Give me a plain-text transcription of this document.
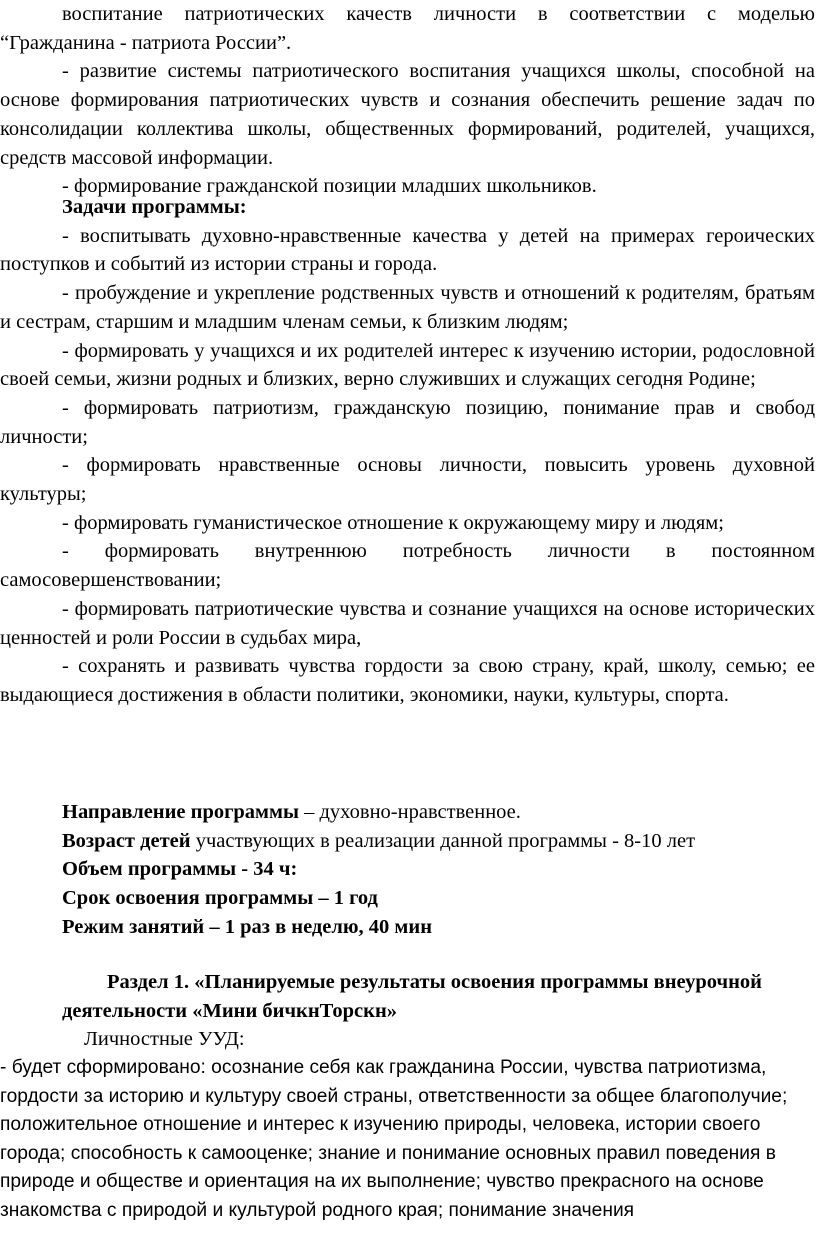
воспитание патриотических качеств личности в соответствии с моделью “Гражданина - патриота России”.

- развитие системы патриотического воспитания учащихся школы, способной на основе формирования патриотических чувств и сознания обеспечить решение задач по консолидации коллектива школы, общественных формирований, родителей, учащихся, средств массовой информации.

- формирование гражданской позиции младших школьников.

Задачи программы:

- воспитывать духовно-нравственные качества у детей на примерах героических поступков и событий из истории страны и города.

- пробуждение и укрепление родственных чувств и отношений к родителям, братьям и сестрам, старшим и младшим членам семьи, к близким людям;

- формировать у учащихся и их родителей интерес к изучению истории, родословной своей семьи, жизни родных и близких, верно служивших и служащих сегодня Родине;

- формировать патриотизм, гражданскую позицию, понимание прав и свобод личности;

- формировать нравственные основы личности, повысить уровень духовной культуры;

- формировать гуманистическое отношение к окружающему миру и людям;

- формировать внутреннюю потребность личности в постоянном самосовершенствовании;

- формировать патриотические чувства и сознание учащихся на основе исторических ценностей и роли России в судьбах мира,

- сохранять и развивать чувства гордости за свою страну, край, школу, семью; ее выдающиеся достижения в области политики, экономики, науки, культуры, спорта.

Направление программы – духовно-нравственное.

Возраст детей участвующих в реализации данной программы - 8-10 лет

Объем программы - 34 ч:

Срок освоения программы – 1 год

Режим занятий – 1 раз в неделю, 40 мин

Раздел 1. «Планируемые результаты освоения программы внеурочной деятельности «Мини бичкнТорскн»

Личностные УУД:

- будет сформировано: осознание себя как гражданина России, чувства патриотизма, гордости за историю и культуру своей страны, ответственности за общее благополучие; положительное отношение и интерес к изучению природы, человека, истории своего города; способность к самооценке; знание и понимание основных правил поведения в природе и обществе и ориентация на их выполнение; чувство прекрасного на основе знакомства с природой и культурой родного края; понимание значения
